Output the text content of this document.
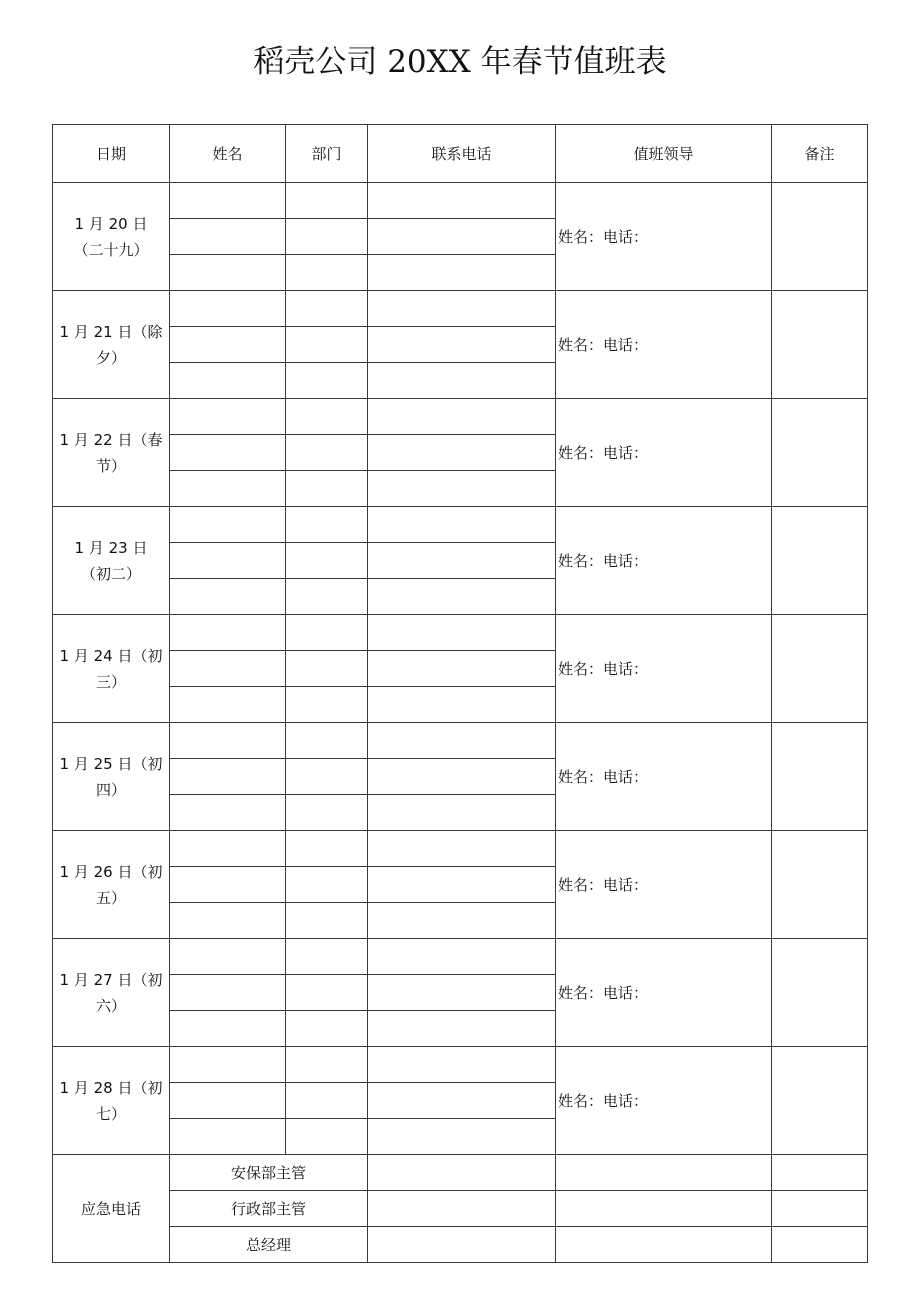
稻壳公司 20XX 年春节值班表
日期	姓名	部门	联系电话	值班领导	备注

1 月 20 日
（二十九）				姓名：电话：	

1 月 21 日（除
夕）				姓名：电话：	

1 月 22 日（春
节）				姓名：电话：	

1 月 23 日
（初二）				姓名：电话：	

1 月 24 日（初
三）				姓名：电话：	

1 月 25 日（初
四）				姓名：电话：	

1 月 26 日（初
五）				姓名：电话：	

1 月 27 日（初
六）				姓名：电话：	

1 月 28 日（初
七）				姓名：电话：	

应急电话	安保部主管				
	行政部主管				
	总经理				
